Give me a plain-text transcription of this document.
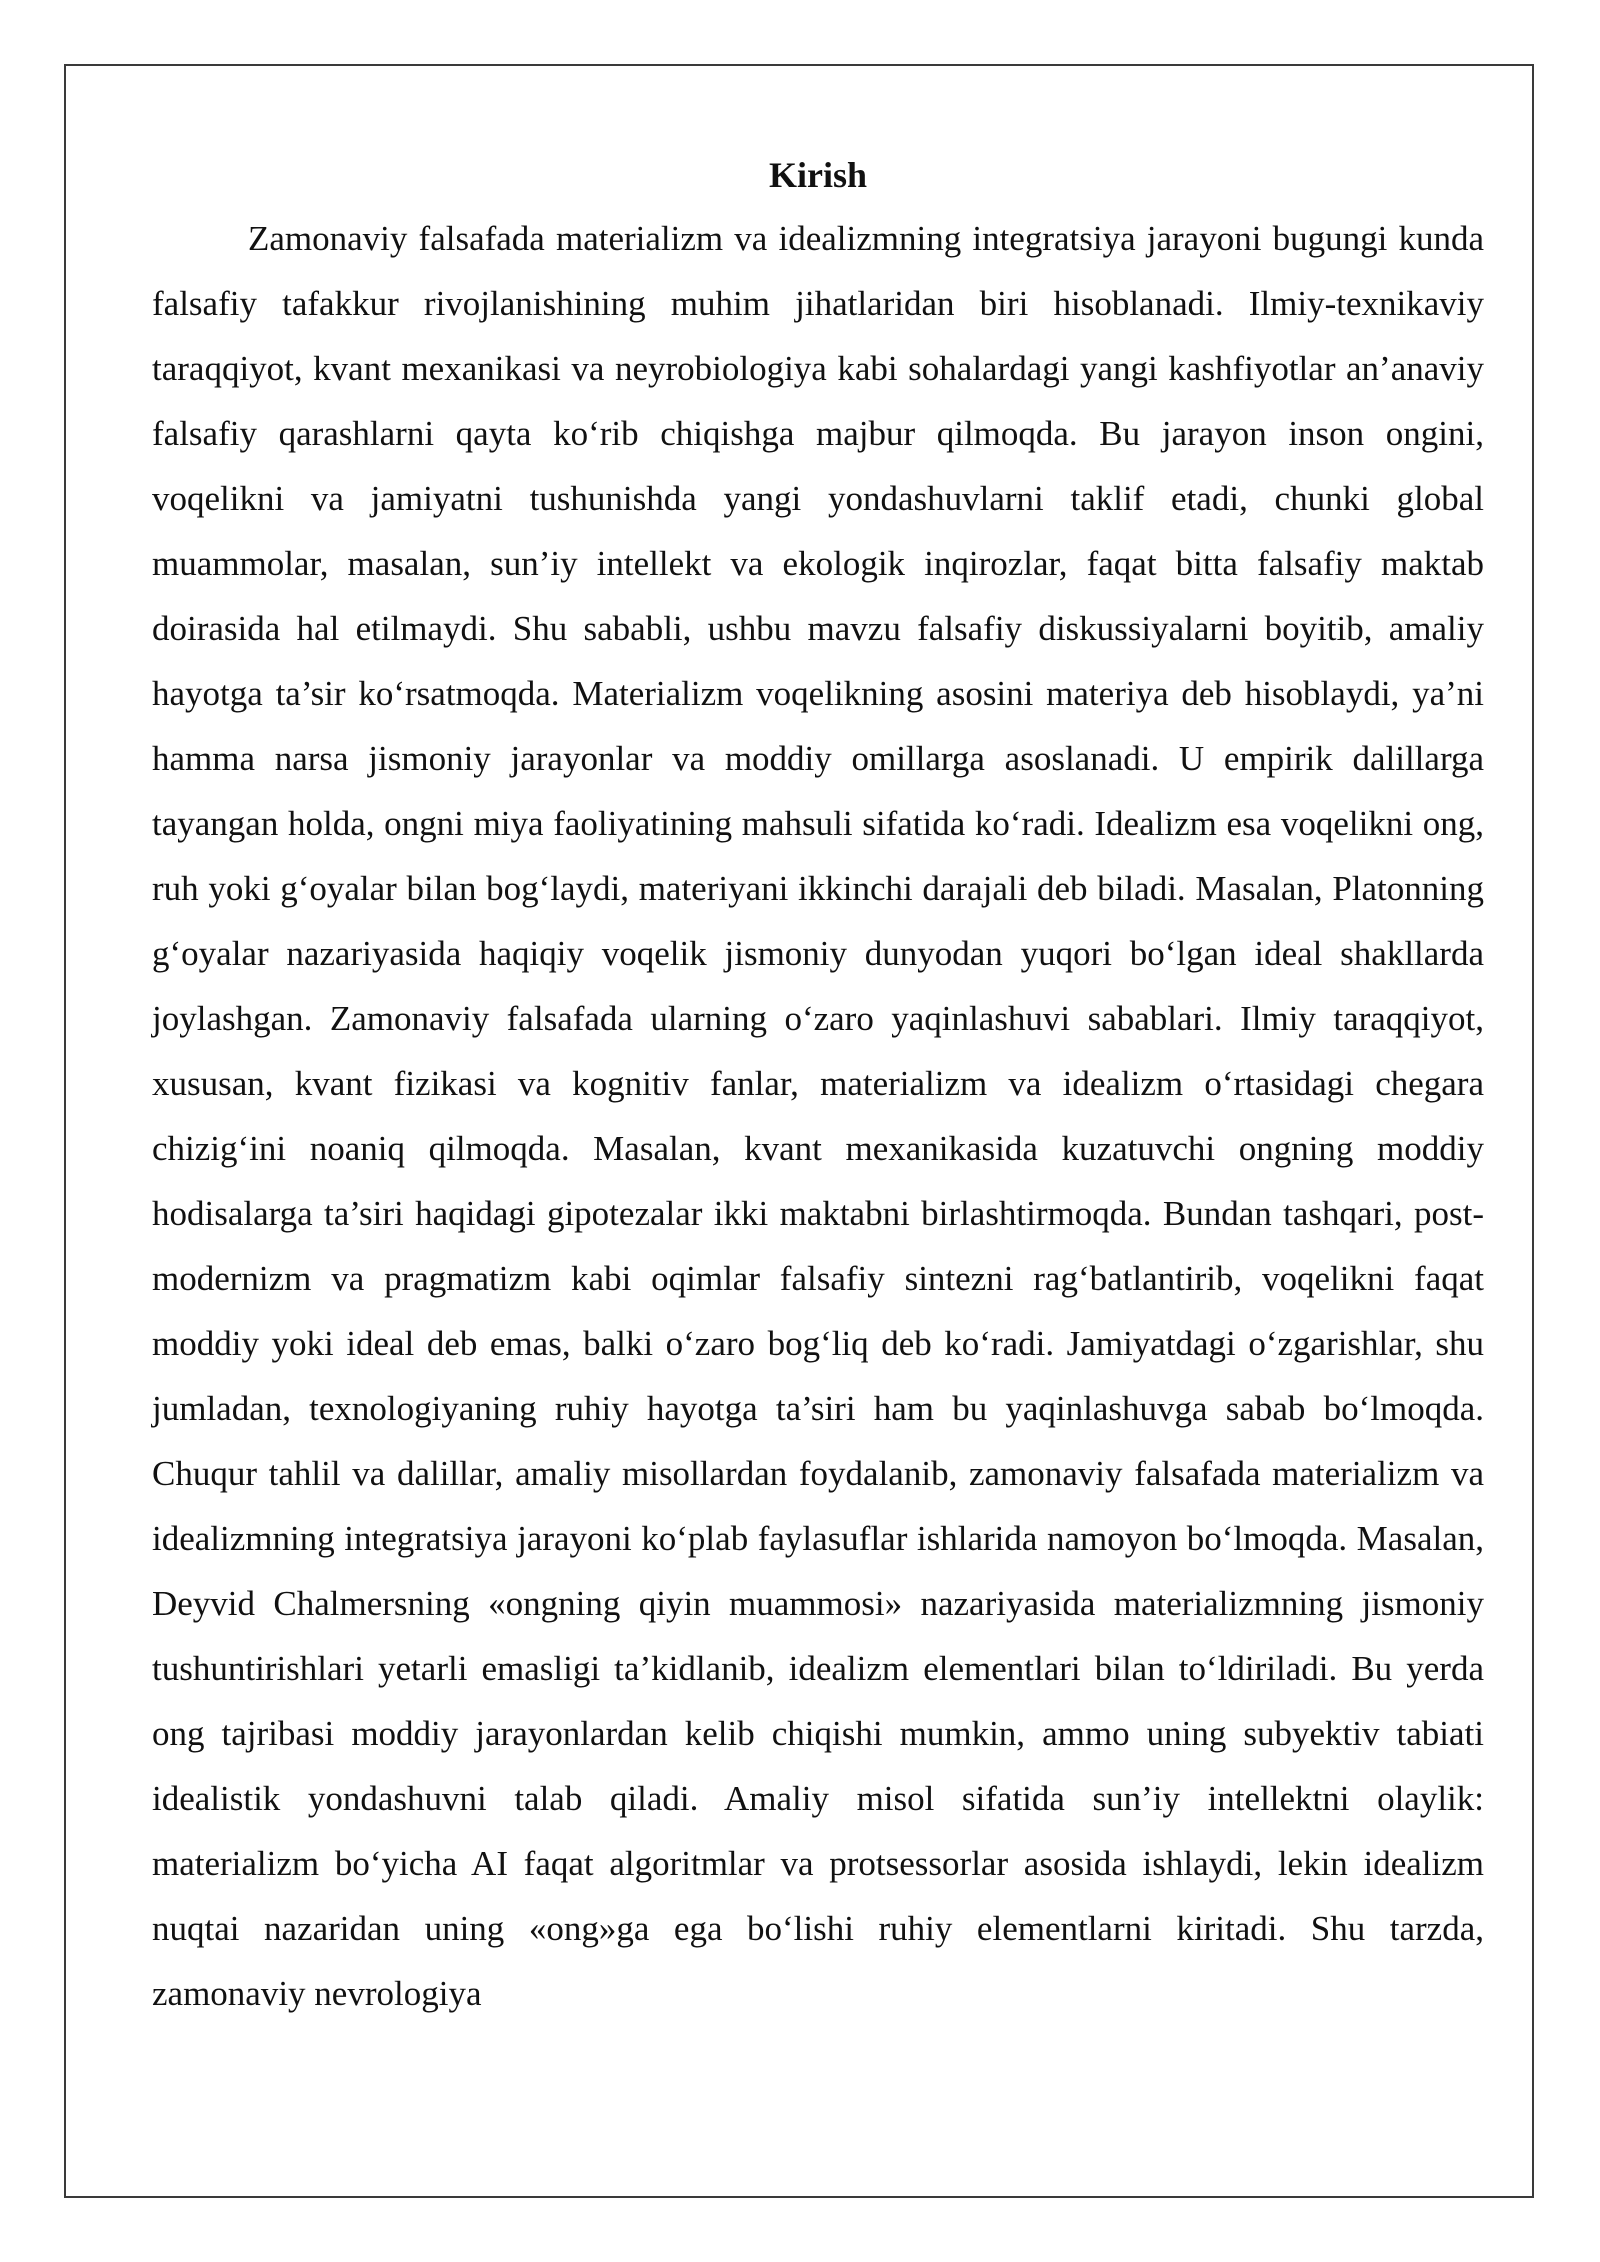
Kirish

Zamonaviy falsafada materializm va idealizmning integratsiya jarayoni bugungi kunda falsafiy tafakkur rivojlanishining muhim jihatlaridan biri hisoblanadi. Ilmiy-texnikaviy taraqqiyot, kvant mexanikasi va neyrobiologiya kabi sohalardagi yangi kashfiyotlar an’anaviy falsafiy qarashlarni qayta ko‘rib chiqishga majbur qilmoqda. Bu jarayon inson ongini, voqelikni va jamiyatni tushunishda yangi yondashuvlarni taklif etadi, chunki global muammolar, masalan, sun’iy intellekt va ekologik inqirozlar, faqat bitta falsafiy maktab doirasida hal etilmaydi. Shu sababli, ushbu mavzu falsafiy diskussiyalarni boyitib, amaliy hayotga ta’sir ko‘rsatmoqda. Materializm voqelikning asosini materiya deb hisoblaydi, ya’ni hamma narsa jismoniy jarayonlar va moddiy omillarga asoslanadi. U empirik dalillarga tayangan holda, ongni miya faoliyatining mahsuli sifatida ko‘radi. Idealizm esa voqelikni ong, ruh yoki g‘oyalar bilan bog‘laydi, materiyani ikkinchi darajali deb biladi. Masalan, Platonning g‘oyalar nazariyasida haqiqiy voqelik jismoniy dunyodan yuqori bo‘lgan ideal shakllarda joylashgan. Zamonaviy falsafada ularning o‘zaro yaqinlashuvi sabablari. Ilmiy taraqqiyot, xususan, kvant fizikasi va kognitiv fanlar, materializm va idealizm o‘rtasidagi chegara chizig‘ini noaniq qilmoqda. Masalan, kvant mexanikasida kuzatuvchi ongning moddiy hodisalarga ta’siri haqidagi gipotezalar ikki maktabni birlashtirmoqda. Bundan tashqari, post-modernizm va pragmatizm kabi oqimlar falsafiy sintezni rag‘batlantirib, voqelikni faqat moddiy yoki ideal deb emas, balki o‘zaro bog‘liq deb ko‘radi. Jamiyatdagi o‘zgarishlar, shu jumladan, texnologiyaning ruhiy hayotga ta’siri ham bu yaqinlashuvga sabab bo‘lmoqda. Chuqur tahlil va dalillar, amaliy misollardan foydalanib, zamonaviy falsafada materializm va idealizmning integratsiya jarayoni ko‘plab faylasuflar ishlarida namoyon bo‘lmoqda. Masalan, Deyvid Chalmersning «ongning qiyin muammosi» nazariyasida materializmning jismoniy tushuntirishlari yetarli emasligi ta’kidlanib, idealizm elementlari bilan to‘ldiriladi. Bu yerda ong tajribasi moddiy jarayonlardan kelib chiqishi mumkin, ammo uning subyektiv tabiati idealistik yondashuvni talab qiladi. Amaliy misol sifatida sun’iy intellektni olaylik: materializm bo‘yicha AI faqat algoritmlar va protsessorlar asosida ishlaydi, lekin idealizm nuqtai nazaridan uning «ong»ga ega bo‘lishi ruhiy elementlarni kiritadi. Shu tarzda, zamonaviy nevrologiya
